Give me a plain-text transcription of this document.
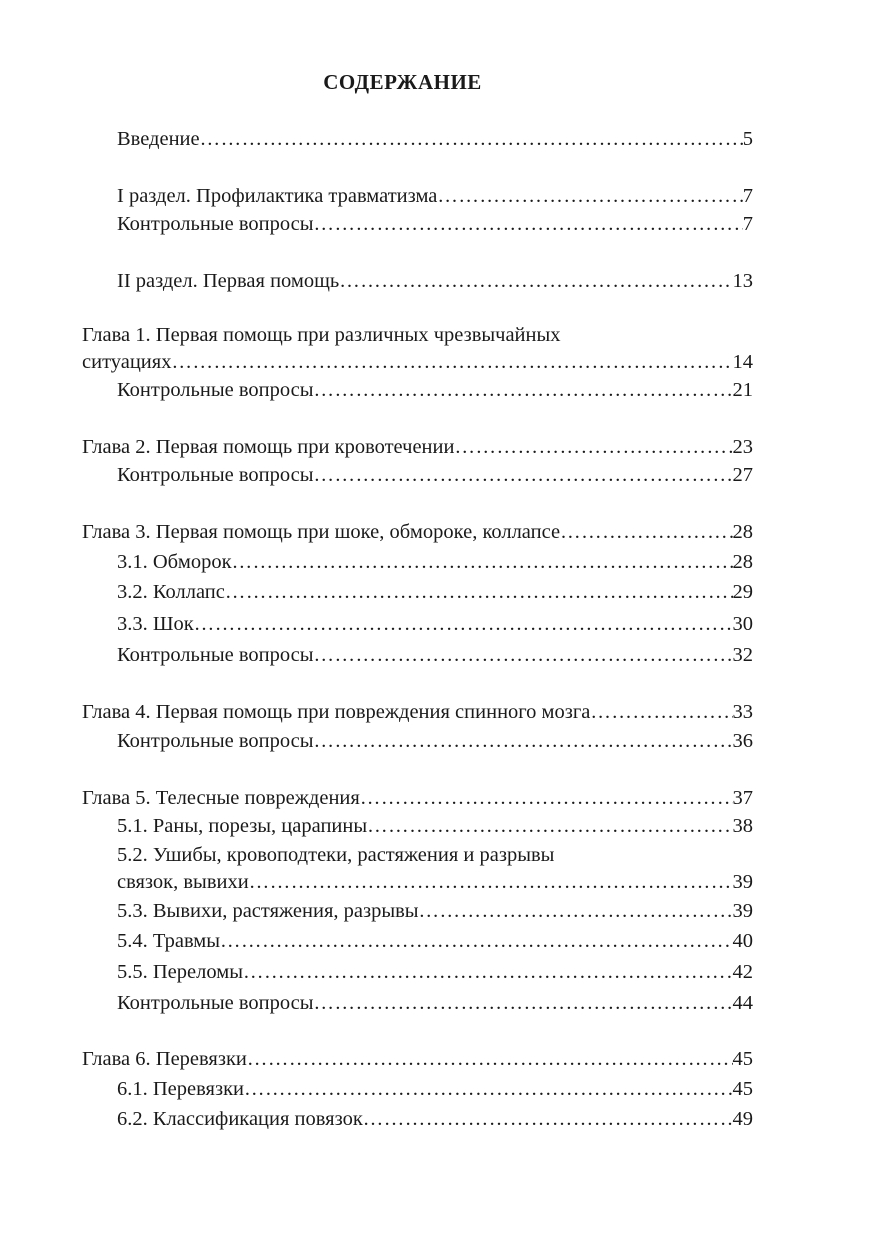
СОДЕРЖАНИЕ
Введение ………………………………………………………………………………………………………………………………………………	5
I раздел. Профилактика травматизма ………………………………………………………………………………………………………………………………………………	7
Контрольные вопросы ………………………………………………………………………………………………………………………………………………	7
II раздел. Первая помощь ………………………………………………………………………………………………………………………………………………	13
Глава 1. Первая помощь при различных чрезвычайных
ситуациях ………………………………………………………………………………………………………………………………………………	14
Контрольные вопросы ………………………………………………………………………………………………………………………………………………	21
Глава 2. Первая помощь при кровотечении ………………………………………………………………………………………………………………………………………………	23
Контрольные вопросы ………………………………………………………………………………………………………………………………………………	27
Глава 3. Первая помощь при шоке, обмороке, коллапсе ………………………………………………………………………………………………………………………………………………	28
3.1. Обморок ………………………………………………………………………………………………………………………………………………	28
3.2. Коллапс ………………………………………………………………………………………………………………………………………………	29
3.3. Шок ………………………………………………………………………………………………………………………………………………	30
Контрольные вопросы ………………………………………………………………………………………………………………………………………………	32
Глава 4. Первая помощь при повреждения спинного мозга ………………………………………………………………………………………………………………………………………………	33
Контрольные вопросы ………………………………………………………………………………………………………………………………………………	36
Глава 5. Телесные повреждения ………………………………………………………………………………………………………………………………………………	37
5.1. Раны, порезы, царапины ………………………………………………………………………………………………………………………………………………	38
5.2. Ушибы, кровоподтеки, растяжения и разрывы
связок, вывихи ………………………………………………………………………………………………………………………………………………	39
5.3. Вывихи, растяжения, разрывы ………………………………………………………………………………………………………………………………………………	39
5.4. Травмы ………………………………………………………………………………………………………………………………………………	40
5.5. Переломы ………………………………………………………………………………………………………………………………………………	42
Контрольные вопросы ………………………………………………………………………………………………………………………………………………	44
Глава 6. Перевязки ………………………………………………………………………………………………………………………………………………	45
6.1. Перевязки ………………………………………………………………………………………………………………………………………………	45
6.2. Классификация повязок ………………………………………………………………………………………………………………………………………………	49
